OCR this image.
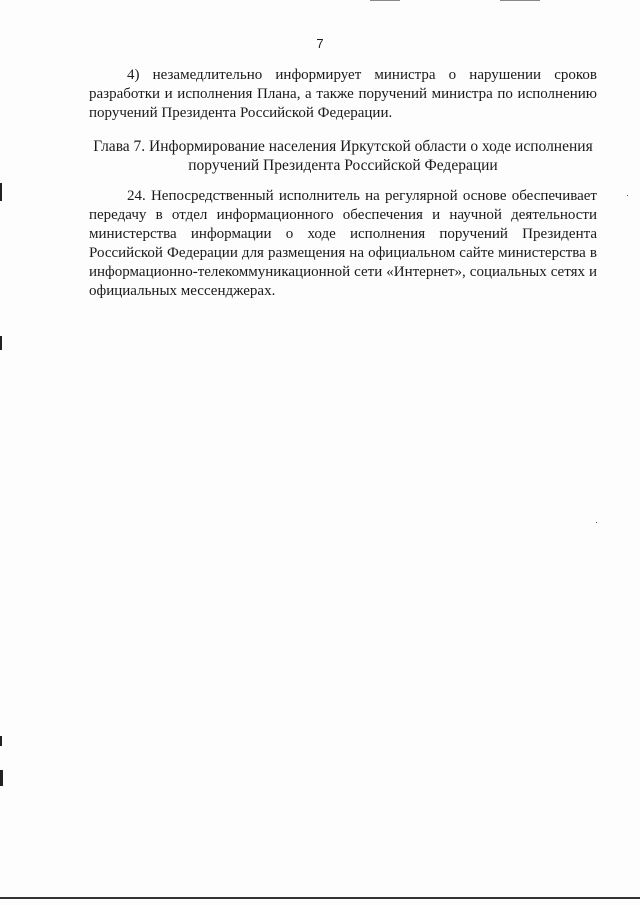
7

4) незамедлительно информирует министра о нарушении сроков разработки и исполнения Плана, а также поручений министра по исполнению поручений Президента Российской Федерации.

Глава 7. Информирование населения Иркутской области о ходе исполнения поручений Президента Российской Федерации

24. Непосредственный исполнитель на регулярной основе обеспечивает передачу в отдел информационного обеспечения и научной деятельности министерства информации о ходе исполнения поручений Президента Российской Федерации для размещения на официальном сайте министерства в информационно-телекоммуникационной сети «Интернет», социальных сетях и официальных мессенджерах.
